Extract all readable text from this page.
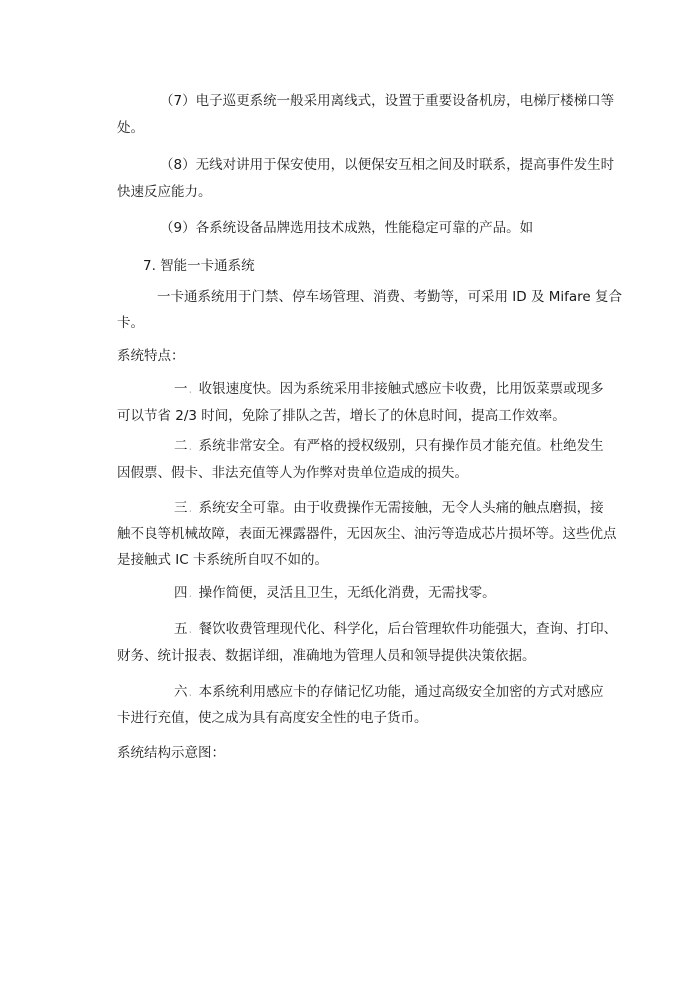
（7）电子巡更系统一般采用离线式，设置于重要设备机房，电梯厅楼梯口等
处。
（8）无线对讲用于保安使用，以便保安互相之间及时联系，提高事件发生时
快速反应能力。
（9）各系统设备品牌选用技术成熟，性能稳定可靠的产品。如
7. 智能一卡通系统
一卡通系统用于门禁、停车场管理、消费、考勤等，可采用 ID 及 Mifare 复合
卡。
系统特点：
一. 收银速度快。因为系统采用非接触式感应卡收费，比用饭菜票或现多
可以节省 2/3 时间，免除了排队之苦，增长了的休息时间，提高工作效率。
二. 系统非常安全。有严格的授权级别，只有操作员才能充值。杜绝发生
因假票、假卡、非法充值等人为作弊对贵单位造成的损失。
三. 系统安全可靠。由于收费操作无需接触，无令人头痛的触点磨损，接
触不良等机械故障，表面无裸露器件，无因灰尘、油污等造成芯片损坏等。这些优点
是接触式 IC 卡系统所自叹不如的。
四. 操作简便，灵活且卫生，无纸化消费，无需找零。
五. 餐饮收费管理现代化、科学化，后台管理软件功能强大，查询、打印、
财务、统计报表、数据详细，准确地为管理人员和领导提供决策依据。
六. 本系统利用感应卡的存储记忆功能，通过高级安全加密的方式对感应
卡进行充值，使之成为具有高度安全性的电子货币。
系统结构示意图：
